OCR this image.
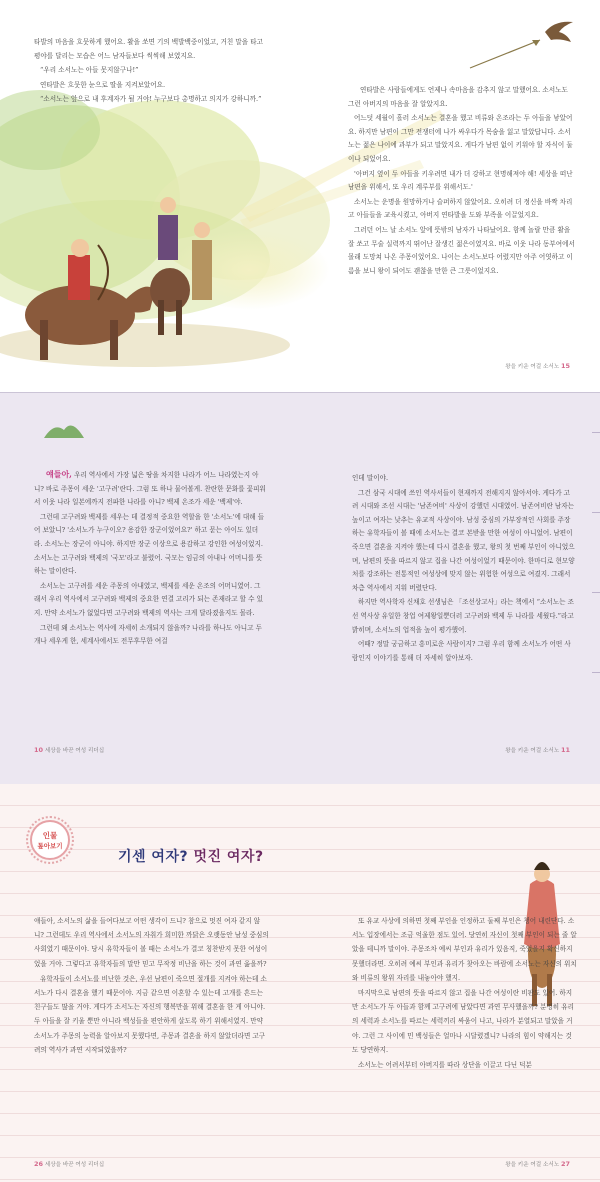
타발의 마음을 흐뭇하게 했어요. 활을 쏘면 기의 백발백중이었고, 거친 말을 타고 평야를 달리는 모습은 어느 남자들보다 씩씩해 보였지요.

“우리 소서노는 아들 못지않구나!”

연타발은 흐뭇한 눈으로 딸을 지켜보았어요.

“소서노는 앞으로 내 후계자가 될 거야! 누구보다 총명하고 의지가 강하니까.”

연타발은 사람들에게도 언제나 속마음을 감추지 않고 말했어요. 소서노도 그런 아버지의 마음을 잘 알았지요.

어느덧 세월이 흘러 소서노는 결혼을 했고 비류와 온조라는 두 아들을 낳았어요. 하지만 남편이 그만 전쟁터에 나가 싸우다가 목숨을 잃고 말았답니다. 소서노는 젊은 나이에 과부가 되고 말았지요. 게다가 남편 없이 키워야 할 자식이 둘이나 되었어요.

'아버지 옆이 두 아들을 키우려면 내가 더 강하고 현명해져야 해! 세상을 떠난 남편을 위해서, 또 우리 계루부를 위해서도.'

소서노는 운명을 원망하거나 슬퍼하지 않았어요. 오히려 더 정신을 바짝 차리고 아들들을 교육시켰고, 아버지 연타발을 도와 부족을 이끌었지요.

그러던 어느 날 소서노 앞에 뜻밖의 남자가 나타났어요. 함께 놀랄 만큼 활을 잘 쏘고 무술 실력까지 뛰어난 잘생긴 젊은이였지요. 바로 이웃 나라 동부여에서 몰래 도망쳐 나온 주몽이었어요. 나이는 소서노보다 어렸지만 아주 어엿하고 이름을 보니 왕이 되어도 괜찮을 만한 큰 그릇이었지요.

왕을 키운 여걸 소서노 15

얘들아, 우리 역사에서 가장 넓은 땅을 차지한 나라가 어느 나라였는지 아니? 바로 주몽이 세운 '고구려'란다. 그럼 또 하나 물어볼게. 찬란한 문화를 꽃피워서 이웃 나라 일본에까지 전파한 나라를 아니? 백제 온조가 세운 '백제'야.

그런데 고구려와 백제를 세우는 데 결정적 중요한 역할을 한 '소서노'에 대해 들어 보았니? '소서노가 누구이오? 용감한 장군이었어요?' 하고 묻는 아이도 있더라. 소서노는 장군이 아니야. 하지만 장군 이상으로 용감하고 강인한 여성이었지. 소서노는 고구려와 백제의 '국모'라고 불렸어. 국모는 임금의 아내나 어머니를 뜻하는 말이란다.

소서노는 고구려를 세운 주몽의 아내였고, 백제를 세운 온조의 어머니였어. 그래서 우리 역사에서 고구려와 백제의 중요한 연결 고리가 되는 존재라고 할 수 있지. 만약 소서노가 없었다면 고구려와 백제의 역사는 크게 달라졌을지도 몰라.

그런데 왜 소서노는 역사에 자세히 소개되지 않을까? 나라를 하나도 아니고 두 개나 세우게 한, 세계사에서도 전무후무한 여걸

인데 말이야.

그건 삼국 시대에 쓰인 역사서들이 현재까지 전해지지 않아서야. 게다가 고려 시대와 조선 시대는 '남존여비' 사상이 강했던 시대였어. 남존여비란 남자는 높이고 여자는 낮추는 유교적 사상이야. 남성 중심의 가부장적인 사회를 주장하는 유학자들이 볼 때에 소서노는 결코 본받을 만한 여성이 아니었어. 남편이 죽으면 결혼을 지켜야 했는데 다시 결혼을 했고, 왕의 첫 번째 부인이 아니었으며, 남편의 뜻을 따르지 않고 집을 나간 여성이었기 때문이야. 한마디로 현모양처를 강조하는 전통적인 여성상에 맞지 않는 위험한 여성으로 여겼지. 그래서 차츰 역사에서 지워 버렸단다.

하지만 역사학자 신채호 선생님은 「조선상고사」라는 책에서 “소서노는 조선 역사상 유일한 창업 여제왕일뿐더러 고구려와 백제 두 나라를 세웠다.”라고 밝히며, 소서노의 업적을 높이 평가했어.

어때? 정말 궁금하고 흥미로운 사람이지? 그럼 우리 함께 소서노가 어떤 사람인지 이야기를 통해 더 자세히 알아보자.

10 세상을 바꾼 여성 리더십	왕을 키운 여걸 소서노 11
인물
톺아보기
기센 여자? 멋진 여자?

얘들아, 소서노의 삶을 들여다보고 어떤 생각이 드니? 참으로 멋진 여자 같지 않니? 그런데도 우리 역사에서 소서노의 자취가 희미한 까닭은 오랫동안 남성 중심의 사회였기 때문이야. 당시 유학자들이 볼 때는 소서노가 결코 칭찬받지 못한 여성이었을 거야. 그렇다고 유학자들의 말만 믿고 무작정 비난을 하는 것이 과연 옳을까?

유학자들이 소서노를 비난한 것은, 우선 남편이 죽으면 절개를 지켜야 하는데 소서노가 다시 결혼을 했기 때문이야. 지금 같으면 이혼할 수 있는데 고개를 흔드는 친구들도 많을 거야. 게다가 소서노는 자신의 행복만을 위해 결혼을 한 게 아니야. 두 아들을 잘 키울 뿐만 아니라 백성들을 편안하게 살도록 하기 위해서였지. 만약 소서노가 주몽의 능력을 알아보지 못했다면, 주몽과 결혼을 하지 않았더라면 고구려의 역사가 과연 시작되었을까?

또 유교 사상에 의하면 첫째 부인을 인정하고 둘째 부인은 챙어 내린단다. 소서노 입장에서는 조금 억울한 점도 있어. 당연히 자신이 첫째 부인이 되는 줄 알았을 테니까 말이야. 주몽조차 예씨 부인과 유리가 있음직, 죽었을지 확신하지 못했더라면. 오히려 예씨 부인과 유리가 찾아오는 바람에 소서노는 자신의 위치와 비류의 왕위 자리를 내놓아야 했지.

마지막으로 남편의 뜻을 따르지 않고 집을 나간 여성이란 비판도 있어. 하지만 소서노가 두 아들과 함께 고구려에 남았다면 과연 무사했을까? 분명히 유리의 세력과 소서노를 따르는 세력끼리 싸움이 나고, 나라가 분열되고 말았을 거야. 그런 그 사이에 민 백성들은 얼마나 시달렸겠니? 나라의 힘이 약해지는 것도 당연하지.

소서노는 어려서부터 아버지를 따라 상단을 이끌고 다닌 덕분

26 세상을 바꾼 여성 리더십	왕을 키운 여걸 소서노 27
